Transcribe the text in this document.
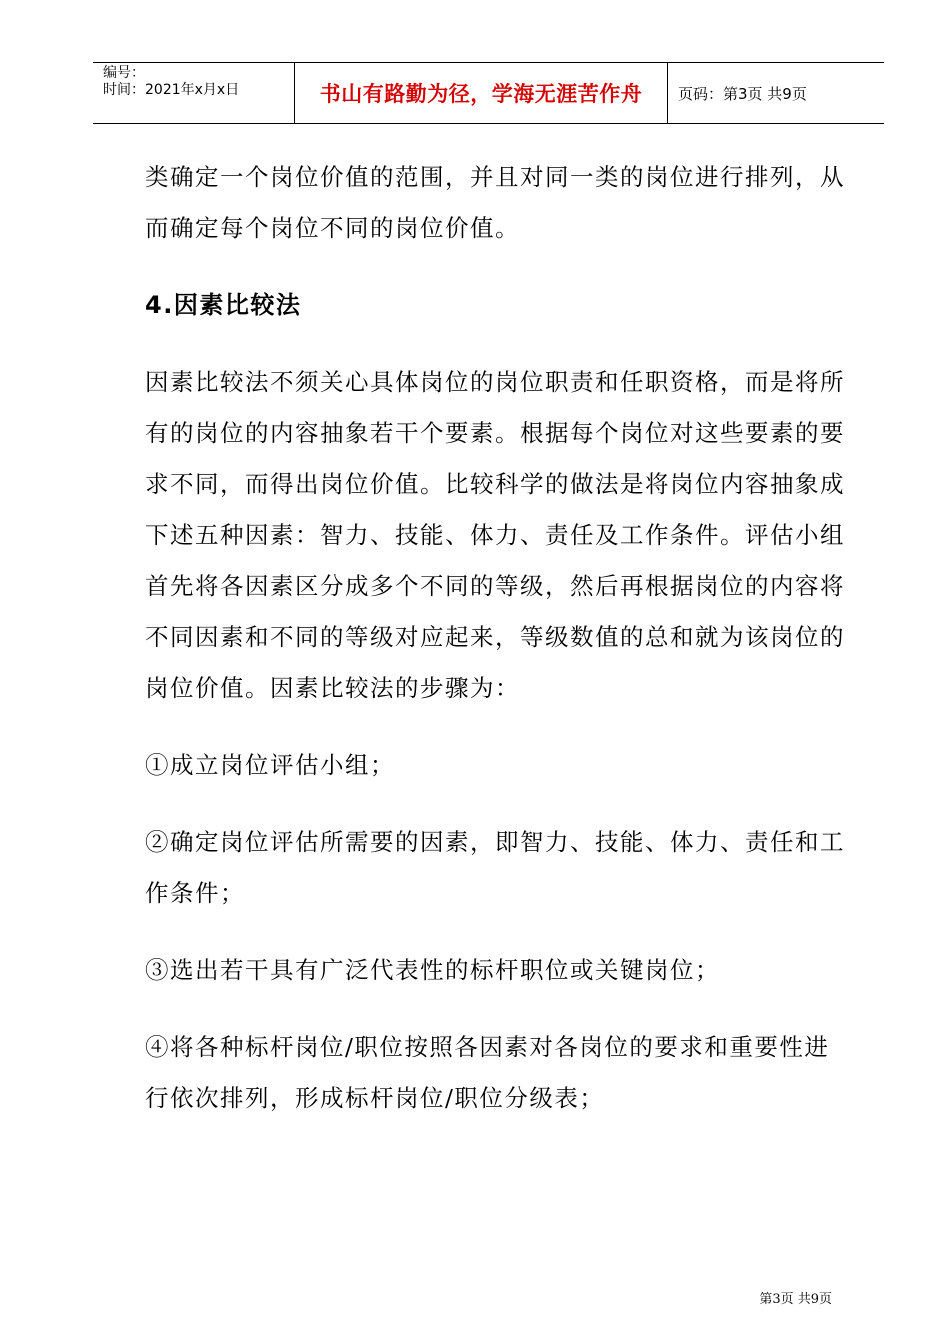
编号：
时间：2021年x月x日	书山有路勤为径，学海无涯苦作舟 页码：第3页 共9页

类确定一个岗位价值的范围，并且对同一类的岗位进行排列，从而确定每个岗位不同的岗位价值。

4.因素比较法

因素比较法不须关心具体岗位的岗位职责和任职资格，而是将所有的岗位的内容抽象若干个要素。根据每个岗位对这些要素的要求不同，而得出岗位价值。比较科学的做法是将岗位内容抽象成下述五种因素：智力、技能、体力、责任及工作条件。评估小组首先将各因素区分成多个不同的等级，然后再根据岗位的内容将不同因素和不同的等级对应起来，等级数值的总和就为该岗位的岗位价值。因素比较法的步骤为：

①成立岗位评估小组；

②确定岗位评估所需要的因素，即智力、技能、体力、责任和工作条件；

③选出若干具有广泛代表性的标杆职位或关键岗位；

④将各种标杆岗位/职位按照各因素对各岗位的要求和重要性进行依次排列，形成标杆岗位/职位分级表；

第3页 共9页
